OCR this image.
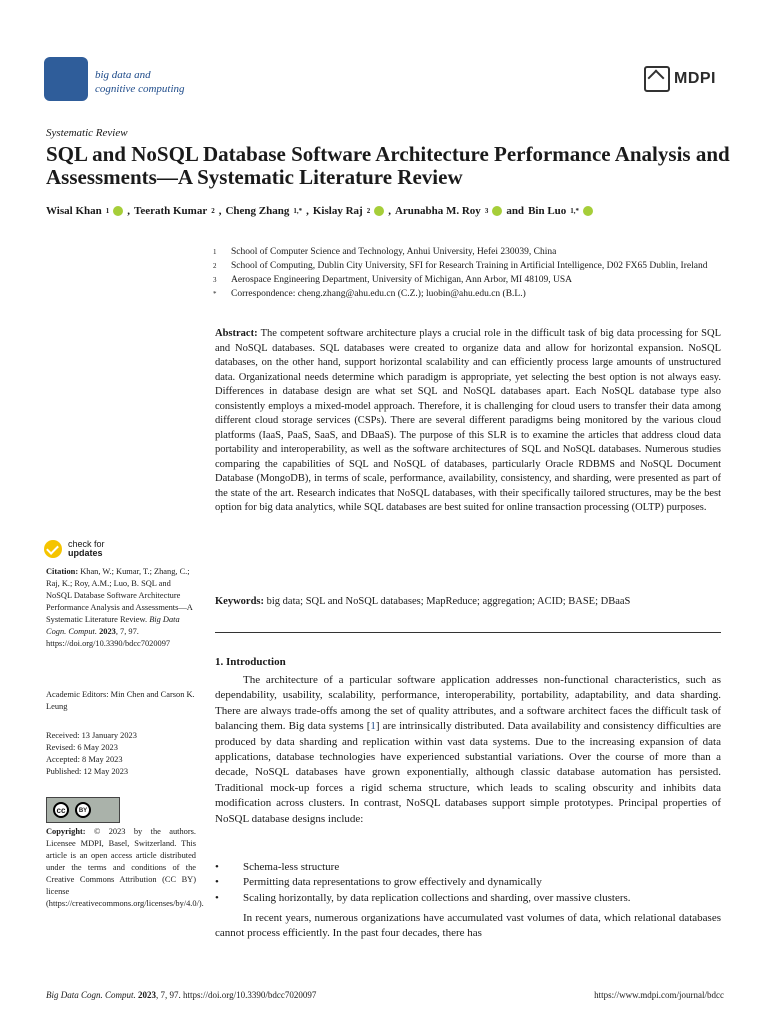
big data and
cognitive computing
MDPI
Systematic Review
SQL and NoSQL Database Software Architecture Performance Analysis and Assessments—A Systematic Literature Review
Wisal Khan 1 , Teerath Kumar 2 , Cheng Zhang 1,* , Kislay Raj 2 , Arunabha M. Roy 3 and Bin Luo 1,*
1	School of Computer Science and Technology, Anhui University, Hefei 230039, China
2	School of Computing, Dublin City University, SFI for Research Training in Artificial Intelligence, D02 FX65 Dublin, Ireland
3	Aerospace Engineering Department, University of Michigan, Ann Arbor, MI 48109, USA
*	Correspondence: cheng.zhang@ahu.edu.cn (C.Z.); luobin@ahu.edu.cn (B.L.)
Abstract: The competent software architecture plays a crucial role in the difficult task of big data processing for SQL and NoSQL databases. SQL databases were created to organize data and allow for horizontal expansion. NoSQL databases, on the other hand, support horizontal scalability and can efficiently process large amounts of unstructured data. Organizational needs determine which paradigm is appropriate, yet selecting the best option is not always easy. Differences in database design are what set SQL and NoSQL databases apart. Each NoSQL database type also consistently employs a mixed-model approach. Therefore, it is challenging for cloud users to transfer their data among different cloud storage services (CSPs). There are several different paradigms being monitored by the various cloud platforms (IaaS, PaaS, SaaS, and DBaaS). The purpose of this SLR is to examine the articles that address cloud data portability and interoperability, as well as the software architectures of SQL and NoSQL databases. Numerous studies comparing the capabilities of SQL and NoSQL of databases, particularly Oracle RDBMS and NoSQL Document Database (MongoDB), in terms of scale, performance, availability, consistency, and sharding, were presented as part of the state of the art. Research indicates that NoSQL databases, with their specifically tailored structures, may be the best option for big data analytics, while SQL databases are best suited for online transaction processing (OLTP) purposes.
Keywords: big data; SQL and NoSQL databases; MapReduce; aggregation; ACID; BASE; DBaaS
1. Introduction

The architecture of a particular software application addresses non-functional characteristics, such as dependability, usability, scalability, performance, interoperability, portability, adaptability, and data sharding. There are always trade-offs among the set of quality attributes, and a software architect faces the difficult task of balancing them. Big data systems [1] are intrinsically distributed. Data availability and consistency difficulties are produced by data sharding and replication within vast data systems. Due to the increasing expansion of data applications, database technologies have experienced substantial variations. Over the course of more than a decade, NoSQL databases have grown exponentially, although classic database automation has persisted. Traditional mock-up forces a rigid schema structure, which leads to scaling obscurity and inhibits data modification across clusters. In contrast, NoSQL databases support simple prototypes. Principal properties of NoSQL database designs include:

•	Schema-less structure
•	Permitting data representations to grow effectively and dynamically
•	Scaling horizontally, by data replication collections and sharding, over massive clusters.

In recent years, numerous organizations have accumulated vast volumes of data, which relational databases cannot process efficiently. In the past four decades, there has

check for
updates
Citation: Khan, W.; Kumar, T.; Zhang, C.; Raj, K.; Roy, A.M.; Luo, B. SQL and NoSQL Database Software Architecture Performance Analysis and Assessments—A Systematic Literature Review. Big Data Cogn. Comput. 2023, 7, 97. https://doi.org/10.3390/bdcc7020097
Academic Editors: Min Chen and Carson K. Leung
Received: 13 January 2023
Revised: 6 May 2023
Accepted: 8 May 2023
Published: 12 May 2023
cc	BY
Copyright: © 2023 by the authors. Licensee MDPI, Basel, Switzerland. This article is an open access article distributed under the terms and conditions of the Creative Commons Attribution (CC BY) license (https://creativecommons.org/licenses/by/4.0/).
Big Data Cogn. Comput. 2023, 7, 97. https://doi.org/10.3390/bdcc7020097	https://www.mdpi.com/journal/bdcc
